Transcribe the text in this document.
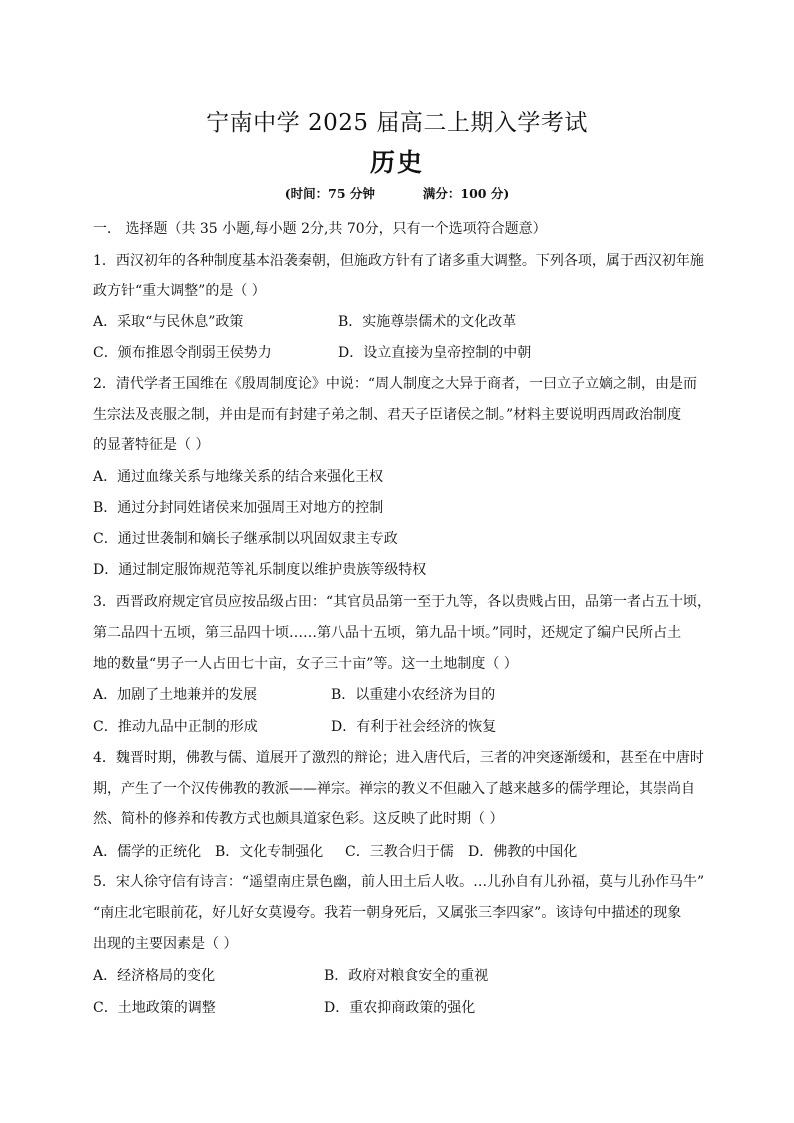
宁南中学 2025 届高二上期入学考试
历史
(时间：75 分钟	满分：100 分)
一． 选择题（共 35 小题,每小题 2分,共 70分，只有一个选项符合题意）
1．西汉初年的各种制度基本沿袭秦朝，但施政方针有了诸多重大调整。下列各项，属于西汉初年施
政方针“重大调整”的是（ ）
A．采取“与民休息”政策	B．实施尊崇儒术的文化改革
C．颁布推恩令削弱王侯势力	D．设立直接为皇帝控制的中朝
2．清代学者王国维在《殷周制度论》中说：“周人制度之大异于商者，一曰立子立嫡之制，由是而
生宗法及丧服之制，并由是而有封建子弟之制、君天子臣诸侯之制。”材料主要说明西周政治制度
的显著特征是（ ）
A．通过血缘关系与地缘关系的结合来强化王权
B．通过分封同姓诸侯来加强周王对地方的控制
C．通过世袭制和嫡长子继承制以巩固奴隶主专政
D．通过制定服饰规范等礼乐制度以维护贵族等级特权
3．西晋政府规定官员应按品级占田：“其官员品第一至于九等，各以贵贱占田，品第一者占五十顷，
第二品四十五顷，第三品四十顷……第八品十五顷，第九品十顷。”同时，还规定了编户民所占土
地的数量“男子一人占田七十亩，女子三十亩”等。这一土地制度（ ）
A．加剧了土地兼并的发展	B．以重建小农经济为目的
C．推动九品中正制的形成	D．有利于社会经济的恢复
4．魏晋时期，佛教与儒、道展开了激烈的辩论；进入唐代后，三者的冲突逐渐缓和，甚至在中唐时
期，产生了一个汉传佛教的教派——禅宗。禅宗的教义不但融入了越来越多的儒学理论，其崇尚自
然、简朴的修养和传教方式也颇具道家色彩。这反映了此时期（ ）
A．儒学的正统化 B．文化专制强化 C．三教合归于儒 D．佛教的中国化
5．宋人徐守信有诗言：“遥望南庄景色幽，前人田土后人收。…儿孙自有儿孙福，莫与儿孙作马牛”
“南庄北宅眼前花，好儿好女莫谩夸。我若一朝身死后，又属张三李四家”。该诗句中描述的现象
出现的主要因素是（ ）
A．经济格局的变化	B．政府对粮食安全的重视
C．土地政策的调整	D．重农抑商政策的强化
